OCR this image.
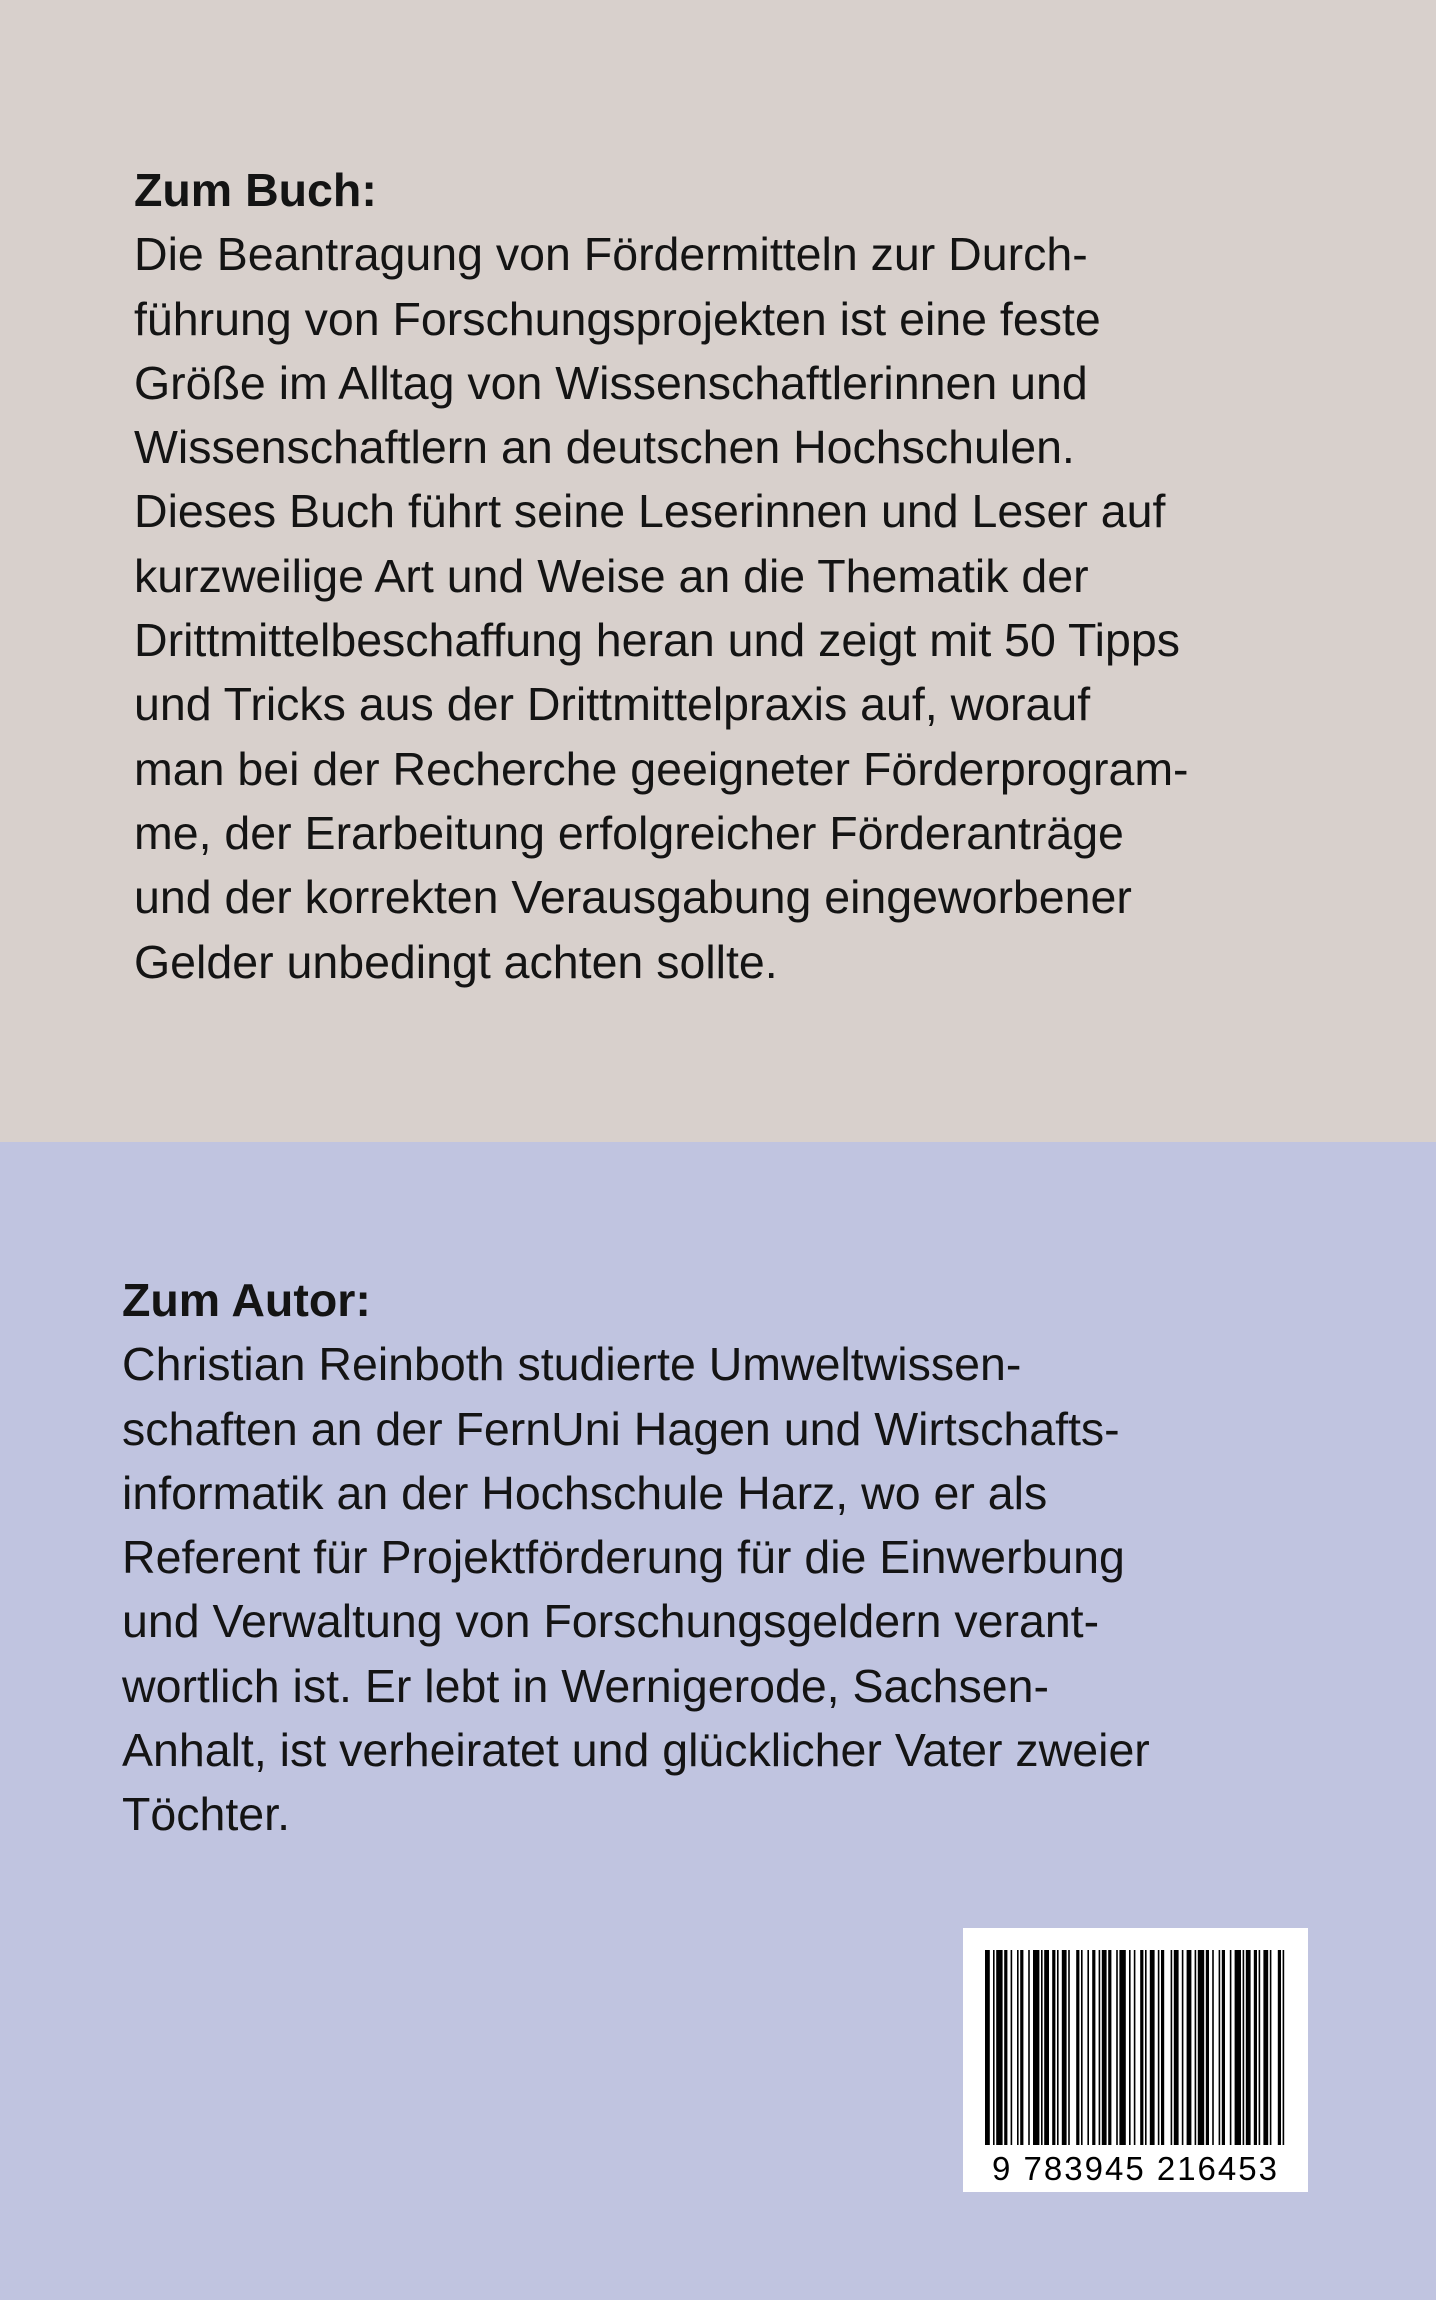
Zum Buch:
Die Beantragung von Fördermitteln zur Durch-
führung von Forschungsprojekten ist eine feste
Größe im Alltag von Wissenschaftlerinnen und
Wissenschaftlern an deutschen Hochschulen.
Dieses Buch führt seine Leserinnen und Leser auf
kurzweilige Art und Weise an die Thematik der
Drittmittelbeschaffung heran und zeigt mit 50 Tipps
und Tricks aus der Drittmittelpraxis auf, worauf
man bei der Recherche geeigneter Förderprogram-
me, der Erarbeitung erfolgreicher Förderanträge
und der korrekten Verausgabung eingeworbener
Gelder unbedingt achten sollte.
Zum Autor:
Christian Reinboth studierte Umweltwissen-
schaften an der FernUni Hagen und Wirtschafts-
informatik an der Hochschule Harz, wo er als
Referent für Projektförderung für die Einwerbung
und Verwaltung von Forschungsgeldern verant-
wortlich ist. Er lebt in Wernigerode, Sachsen-
Anhalt, ist verheiratet und glücklicher Vater zweier
Töchter.
9 783945 216453
